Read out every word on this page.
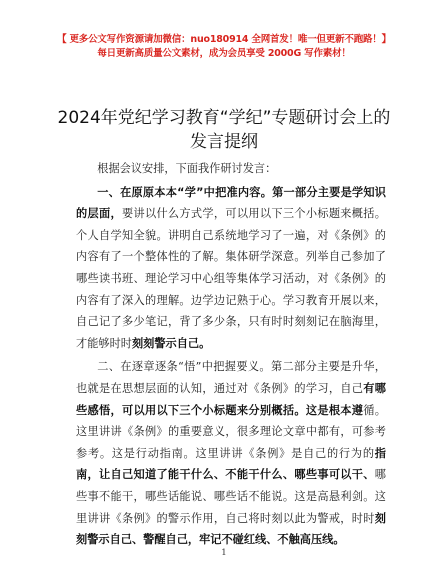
【 更多公文写作资源请加微信：nuo180914 全网首发！唯一但更新不跑路！】
每日更新高质量公文素材，成为会员享受 2000G 写作素材！
2024年党纪学习教育“学纪”专题研讨会上的
发言提纲

根据会议安排，下面我作研讨发言：

一、在原原本本“学”中把准内容。第一部分主要是学知识的层面，要讲以什么方式学，可以用以下三个小标题来概括。个人自学知全貌。讲明自己系统地学习了一遍，对《条例》的内容有了一个整体性的了解。集体研学深意。列举自己参加了哪些读书班、理论学习中心组等集体学习活动，对《条例》的内容有了深入的理解。边学边记熟于心。学习教育开展以来，自己记了多少笔记，背了多少条，只有时时刻刻记在脑海里，才能够时时刻刻警示自己。

二、在逐章逐条“悟”中把握要义。第二部分主要是升华，也就是在思想层面的认知，通过对《条例》的学习，自己有哪些感悟，可以用以下三个小标题来分别概括。这是根本遵循。这里讲讲《条例》的重要意义，很多理论文章中都有，可参考参考。这是行动指南。这里讲讲《条例》是自己的行为的指南，让自己知道了能干什么、不能干什么、哪些事可以干、哪些事不能干，哪些话能说、哪些话不能说。这是高悬利剑。这里讲讲《条例》的警示作用，自己将时刻以此为警戒，时时刻刻警示自己、警醒自己，牢记不碰红线、不触高压线。

1
